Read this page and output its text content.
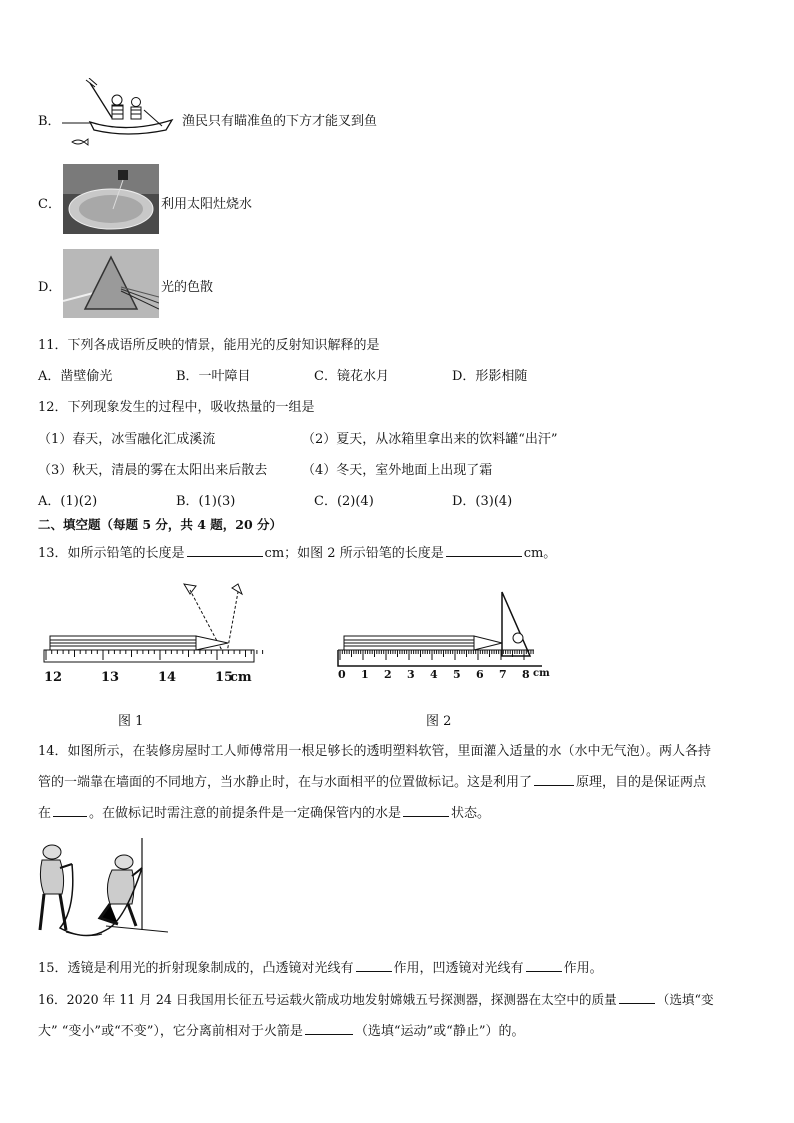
B．	渔民只有瞄准鱼的下方才能叉到鱼
C．	利用太阳灶烧水
D．	光的色散
11．下列各成语所反映的情景，能用光的反射知识解释的是
A．凿壁偷光	B．一叶障目	C．镜花水月	D．形影相随
12．下列现象发生的过程中，吸收热量的一组是
（1）春天，冰雪融化汇成溪流	（2）夏天，从冰箱里拿出来的饮料罐“出汗”
（3）秋天，清晨的雾在太阳出来后散去	（4）冬天，室外地面上出现了霜
A．(1)(2)	B．(1)(3)	C．(2)(4)	D．(3)(4)
二、填空题（每题 5 分，共 4 题，20 分）
13．如所示铅笔的长度是	cm；如图 2 所示铅笔的长度是	cm。
12	13	14	15
cm
图 1
0 1 2 3 4 5 6 7 8 cm
图 2
14．如图所示，在装修房屋时工人师傅常用一根足够长的透明塑料软管，里面灌入适量的水（水中无气泡）。两人各持
管的一端靠在墙面的不同地方，当水静止时，在与水面相平的位置做标记。这是利用了	原理，目的是保证两点
在	。在做标记时需注意的前提条件是一定确保管内的水是	状态。
15．透镜是利用光的折射现象制成的，凸透镜对光线有	作用，凹透镜对光线有	作用。
16．2020 年 11 月 24 日我国用长征五号运载火箭成功地发射嫦娥五号探测器，探测器在太空中的质量	（选填“变
大” “变小”或“不变”），它分离前相对于火箭是	（选填“运动”或“静止”）的。
